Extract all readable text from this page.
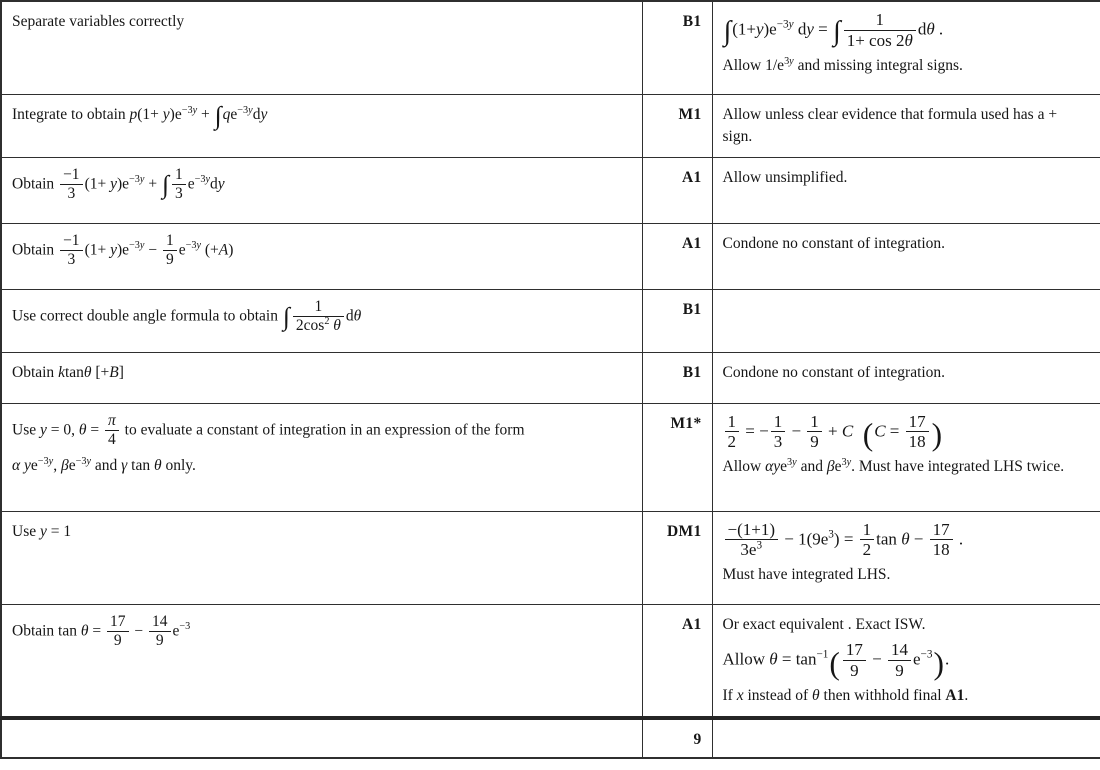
Separate variables correctly	B1	$\int(1+y)e^{-3y}$ dy = ∫ $\frac{1}{1+ \cos 2\theta}$ dθ .
Allow $1/e^{3y}$ and missing integral signs.

Integrate to obtain $p(1+ y)e^{-3y} + \int qe^{-3y}dy$	M1	Allow unless clear evidence that formula used has a + sign.

Obtain $\frac{-1}{3} (1+ y)e^{-3y}$ + ∫ $\frac{1}{3} e^{-3y}dy$	A1	Allow unsimplified.

Obtain $\frac{-1}{3} (1+ y)e^{-3y} - \frac{1}{9} e^{-3y}$ (+A)	A1	Condone no constant of integration.

Use correct double angle formula to obtain ∫ $\frac{1}{2\cos^2 \theta}$ dθ	B1	
Obtain ktanθ [+B]	B1	Condone no constant of integration.

Use y = 0, $\theta = \frac{\pi}{4}$ to evaluate a constant of integration in an expression of the form
α $ye^{-3y}$, $\beta e^{-3y}$ and γ tan θ only.
	M1*	$\frac{1}{2}$ = − $\frac{1}{3} - \frac{1}{9} + C$ ($C = \frac{17}{18}$ )
Allow αye$^{3y}$ and $\beta e^{3y}$. Must have integrated LHS twice.

Use y = 1	DM1	$\frac{-(1+1)}{3e^3} - 1(9e^3) = \frac{1}{2}$ $\tan \theta - \frac{17}{18}$ .
Must have integrated LHS.

Obtain $\tan \theta = \frac{17}{9} - \frac{14}{9} e^{-3}$	A1	Or exact equivalent . Exact ISW.
Allow $\theta = \tan^{-1}( \frac{17}{9} - \frac{14}{9} e^{-3})$.
If x instead of θ then withhold final A1.

	9	
